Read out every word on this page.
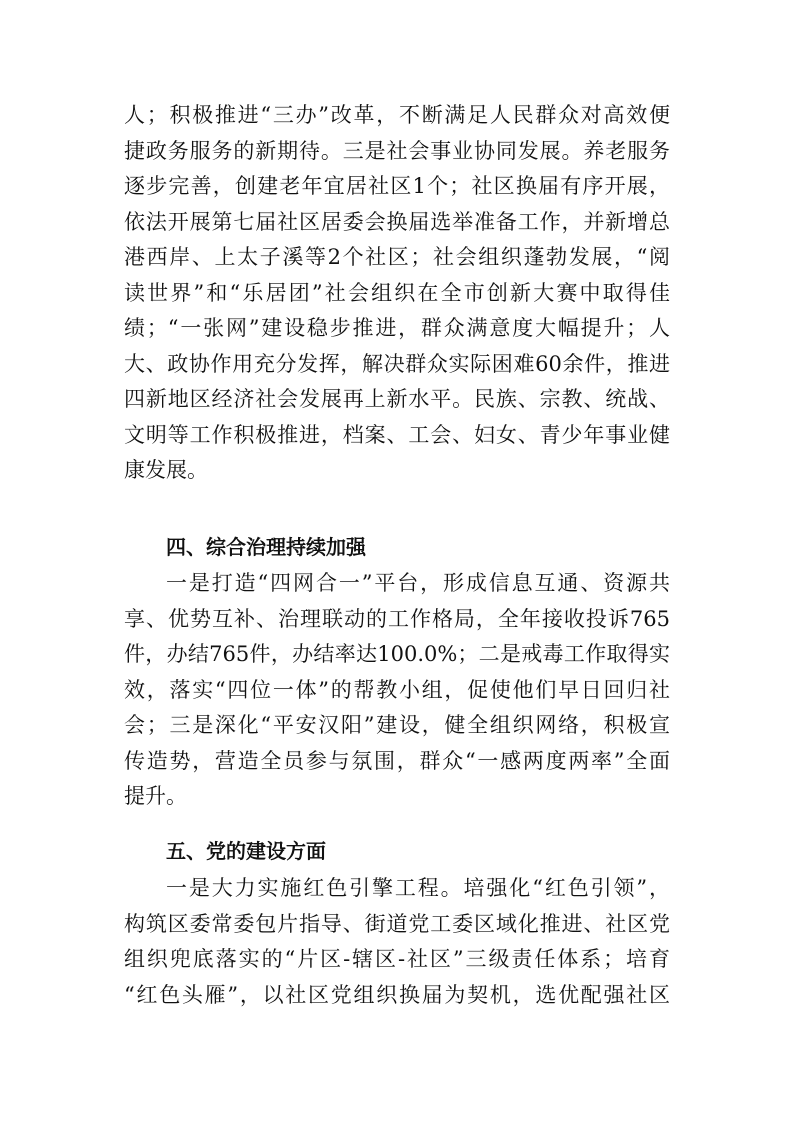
人；积极推进“三办”改革，不断满足人民群众对高效便
捷政务服务的新期待。三是社会事业协同发展。养老服务
逐步完善，创建老年宜居社区1个；社区换届有序开展，
依法开展第七届社区居委会换届选举准备工作，并新增总
港西岸、上太子溪等2个社区；社会组织蓬勃发展，“阅
读世界”和“乐居团”社会组织在全市创新大赛中取得佳
绩；“一张网”建设稳步推进，群众满意度大幅提升；人
大、政协作用充分发挥，解决群众实际困难60余件，推进
四新地区经济社会发展再上新水平。民族、宗教、统战、
文明等工作积极推进，档案、工会、妇女、青少年事业健
康发展。
四、综合治理持续加强
一是打造“四网合一”平台，形成信息互通、资源共
享、优势互补、治理联动的工作格局，全年接收投诉765
件，办结765件，办结率达100.0%；二是戒毒工作取得实
效，落实“四位一体”的帮教小组，促使他们早日回归社
会；三是深化“平安汉阳”建设，健全组织网络，积极宣
传造势，营造全员参与氛围，群众“一感两度两率”全面
提升。
五、党的建设方面
一是大力实施红色引擎工程。培强化“红色引领”，
构筑区委常委包片指导、街道党工委区域化推进、社区党
组织兜底落实的“片区-辖区-社区”三级责任体系；培育
“红色头雁”，以社区党组织换届为契机，选优配强社区
